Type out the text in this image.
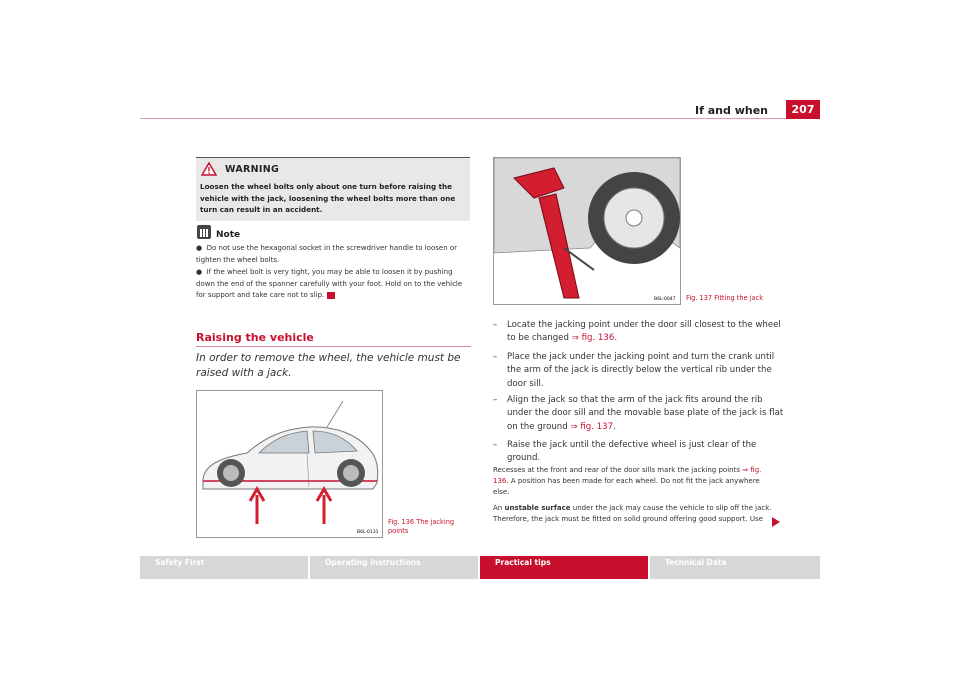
If and when	207
WARNING
Loosen the wheel bolts only about one turn before raising the vehicle with the jack, loosening the wheel bolts more than one turn can result in an accident.
Note
● Do not use the hexagonal socket in the screwdriver handle to loosen or tighten the wheel bolts.
● If the wheel bolt is very tight, you may be able to loosen it by pushing down the end of the spanner carefully with your foot. Hold on to the vehicle for support and take care not to slip.
Raising the vehicle
In order to remove the wheel, the vehicle must be raised with a jack.
B6L-0131
Fig. 136 The jacking points
B6L-0047 Fig. 137 Fitting the jack
– Locate the jacking point under the door sill closest to the wheel to be changed ⇒ fig. 136.
– Place the jack under the jacking point and turn the crank until the arm of the jack is directly below the vertical rib under the door sill.
– Align the jack so that the arm of the jack fits around the rib under the door sill and the movable base plate of the jack is flat on the ground ⇒ fig. 137.
– Raise the jack until the defective wheel is just clear of the ground.
Recesses at the front and rear of the door sills mark the jacking points ⇒ fig. 136. A position has been made for each wheel. Do not fit the jack anywhere else.
An unstable surface under the jack may cause the vehicle to slip off the jack. Therefore, the jack must be fitted on solid ground offering good support. Use
Safety First	Operating instructions	Practical tips	Technical Data
